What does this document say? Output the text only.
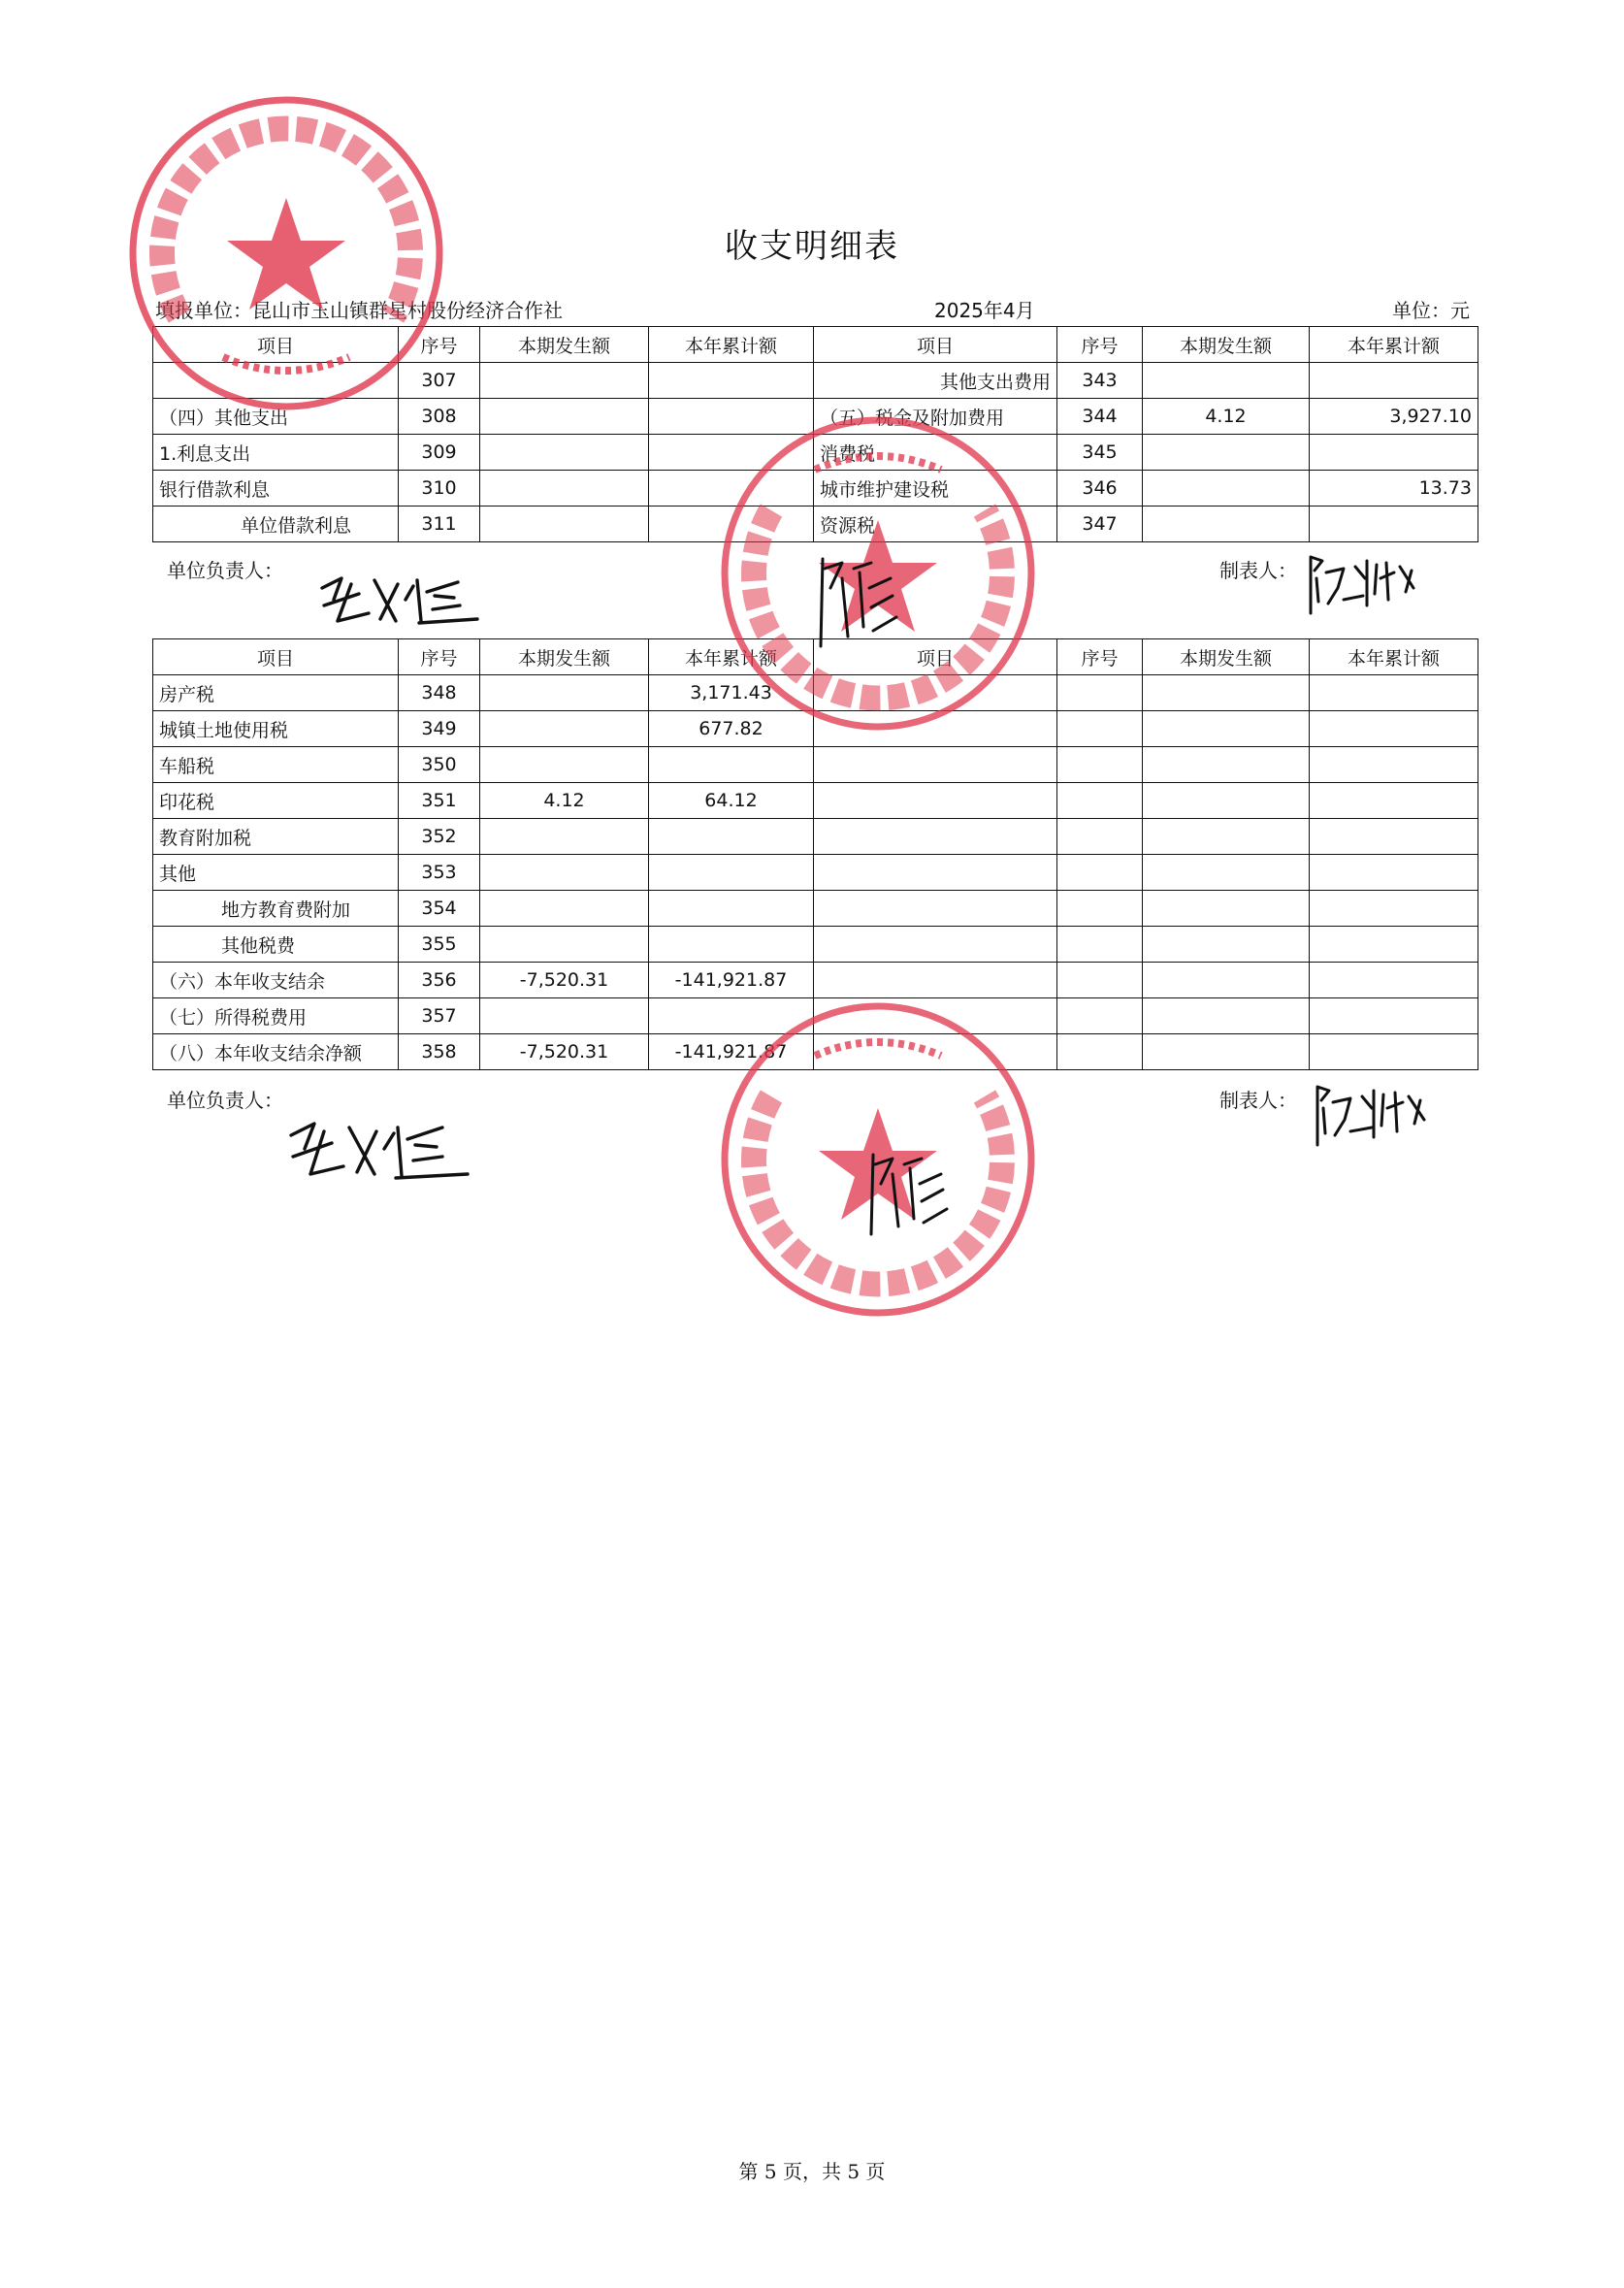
收支明细表
填报单位：昆山市玉山镇群星村股份经济合作社	2025年4月	单位：元
项目	序号	本期发生额	本年累计额	项目	序号	本期发生额	本年累计额
	307			其他支出费用	343		
（四）其他支出	308			（五）税金及附加费用	344	4.12	3,927.10
1.利息支出	309			消费税	345		
银行借款利息	310			城市维护建设税	346		13.73
单位借款利息	311			资源税	347		
单位负责人：	制表人：
项目	序号	本期发生额	本年累计额	项目	序号	本期发生额	本年累计额
房产税	348		3,171.43				
城镇土地使用税	349		677.82				
车船税	350						
印花税	351	4.12	64.12				
教育附加税	352						
其他	353						
地方教育费附加	354						
其他税费	355						
（六）本年收支结余	356	-7,520.31	-141,921.87				
（七）所得税费用	357						
（八）本年收支结余净额	358	-7,520.31	-141,921.87				
单位负责人：	制表人：
第 5 页，共 5 页
